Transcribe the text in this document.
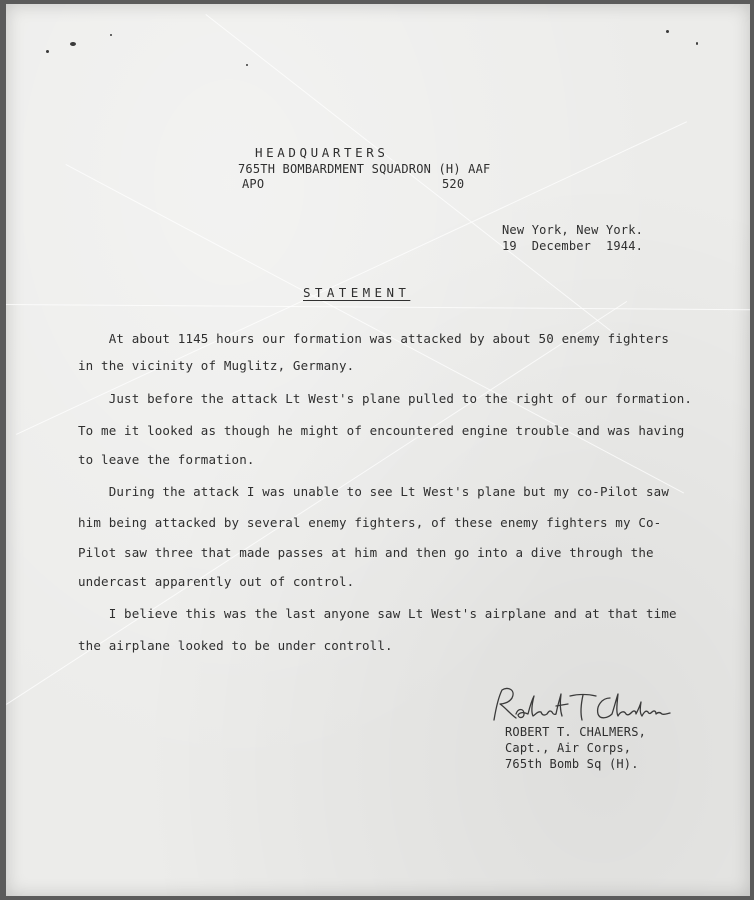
HEADQUARTERS
765TH BOMBARDMENT SQUADRON (H) AAF
APO	520
New York, New York.
19  December  1944.
STATEMENT
At about 1145 hours our formation was attacked by about 50 enemy fighters
in the vicinity of Muglitz, Germany.
Just before the attack Lt West's plane pulled to the right of our formation.
To me it looked as though he might of encountered engine trouble and was having
to leave the formation.
During the attack I was unable to see Lt West's plane but my co-Pilot saw
him being attacked by several enemy fighters, of these enemy fighters my Co-
Pilot saw three that made passes at him and then go into a dive through the
undercast apparently out of control.
I believe this was the last anyone saw Lt West's airplane and at that time
the airplane looked to be under controll.
ROBERT T. CHALMERS,
Capt., Air Corps,
765th Bomb Sq (H).
